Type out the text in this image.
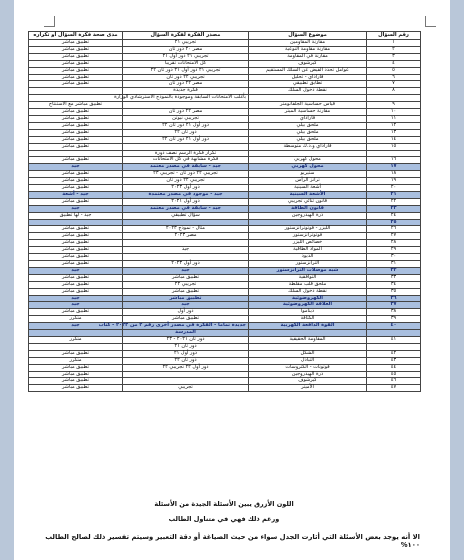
رقم السؤال	موضوع السؤال	مصدر الفكرة لفكرة السؤال	مدى صحة فكرة السؤال أو تكراره
١	مقارنة المقاومين	تجريبي ٢١	تطبيق مباشر
٢	مقارنة مقاومة النوعية	مصر ٢٠ دور ثان	تطبيق مباشر
٣	مقارنة في المقاومة	تجريبي ٢١ دور أول ٢١	تطبيق مباشر
٤	كيرشوف	كل الامتحانات تقريبا	تطبيق مباشر
٥	عوامل تحدد الفيض عن السلك المستقيم	تجريبي ٢١ دور أول ٢١ دور ثان ٢٢	تطبيق مباشر
٦	فاراداي - تحليل	تجريبي ٢٢ دور ثان	تطبيق مباشر
٧	تطابق تطبيقي	مصر ٢٢ دور ثان	تطبيق مباشر
٨	نقطة دخول السلك	فكرة جديدة	
		بأغلب الامتحانات السابقة وموجودة بالنموذج الاسترشادي الوزارة	
٩	قياس حساسية الجلفانومتر		تطبيق مباشر مع الاستنتاج
١٠	مقارنة حساسية الميتر	مصر ٢٢ دور ثان	تطبيق مباشر
١١	فاراداي	تجريبي نيوتن	تطبيق مباشر
١٢	ملحق بيلي	دور أول ٢١ دور ثان ٢٢	تطبيق مباشر
١٣	ملحق بيلي	دور ثان ٢٢	تطبيق مباشر
١٤	ملحق بيلي	دور أول ٢١ دور ثان ٢٢	تطبيق مباشر
١٥	فاراداي و.د.ك متوسطة		تطبيق مباشر
		تكرار فكرة الرسم نصف دورة	
١٦	محول كهربي	فكرة مشابهة في كل الامتحانات	تطبيق مباشر
١٧	محول كهربي	جيد - سابقة في مصدر معتمد	جيد
١٨	ستيريو	تجريبي ٢٢ دور ثان - تجريبي ٢٣	تطبيق مباشر
١٩	ترانز الرأس	تجريبي ٢٢ دور ثان	تطبيق مباشر
٢٠	أشعة السينية	دور أول ٢٠٢٣	تطبيق مباشر
٢١	الأشعة السينية	جيد - موجود في مصدر معتمدة	جيد - أشعة
٢٢	قانون ثنائي تجريبي	دور أول ٢٠٢١	تطبيق مباشر
٢٣	قانون الطاقة	جيد - سابقة في مصدر معتمد	جيد
٢٤	ذرة الهيدروجين	سؤال تطبيقي	جيد - لها تطبيق
٢٥			
٢٦	الليزر - فوتوترانزستور	مثال - نموذج ٢٠٢٣	تطبيق مباشر
٢٧	فوتوترانزستور	مصر ٢٠٢٣	تطبيق مباشر
٢٨	خصائص الليزر		تطبيق مباشر
٢٩	المواد الطاقية	جيد	تطبيق مباشر
٣٠	الديود		تطبيق مباشر
٣١	الترانزستور	دور أول ٢٠٢٣	تطبيق مباشر
٣٢	شبه موصلات الترانزستور	جيد	جيد
٣٣	التوافقية	تطبيق مباشر	تطبيق مباشر
٣٤	ملحق قلب مقلطة	تجريبي ٢٢	تطبيق مباشر
٣٥	نقطة دخول السلك	تطبيق مباشر	تطبيق مباشر
٣٦	الكهروضوئية	تطبيق مباشر	جيد
٣٧	العلاقة الكهروضوئية	جيد	جيد
٣٨	ديناموا	دور أول	تطبيق مباشر
٣٩	الكثافة	تطبيق مباشر	متكرر
٤٠	القوة الدافعة الكهربية	جديدة تماما - الفكرة في مصدر أخرى رقم ٢ من ٢٠٢٣ - كتاب	جيد
		المدرسة	
٤١	المقاومة الحقيقية	دور ثان ٢٠٢١ - ٢٣	متكرر
		دور ثان ٢١	
٤٢	الشكل	دور أول ٢١	تطبيق مباشر
٤٣	التبادل	دور ثان ٢٢	متكرر
٤٤	فوتونات - الكتروسات	دور أول ٢٢ تجريبي ٢٢	تطبيق مباشر
٤٥	ذرة الهيدروجين		تطبيق مباشر
٤٦	كيرشوف		تطبيق مباشر
٤٧	الأميتر	تجريبي	تطبيق مباشر
اللون الأزرق يبين الأسئلة الجيدة من الأسئلة
ورغم ذلك فهي في متناول الطالب
الا أنه يوجد بعض الأسئلة التي أثارت الجدل سواء من حيث الصياغة أو دقة التعبير وسيتم تفسير ذلك لصالح الطالب ١٠٠%
